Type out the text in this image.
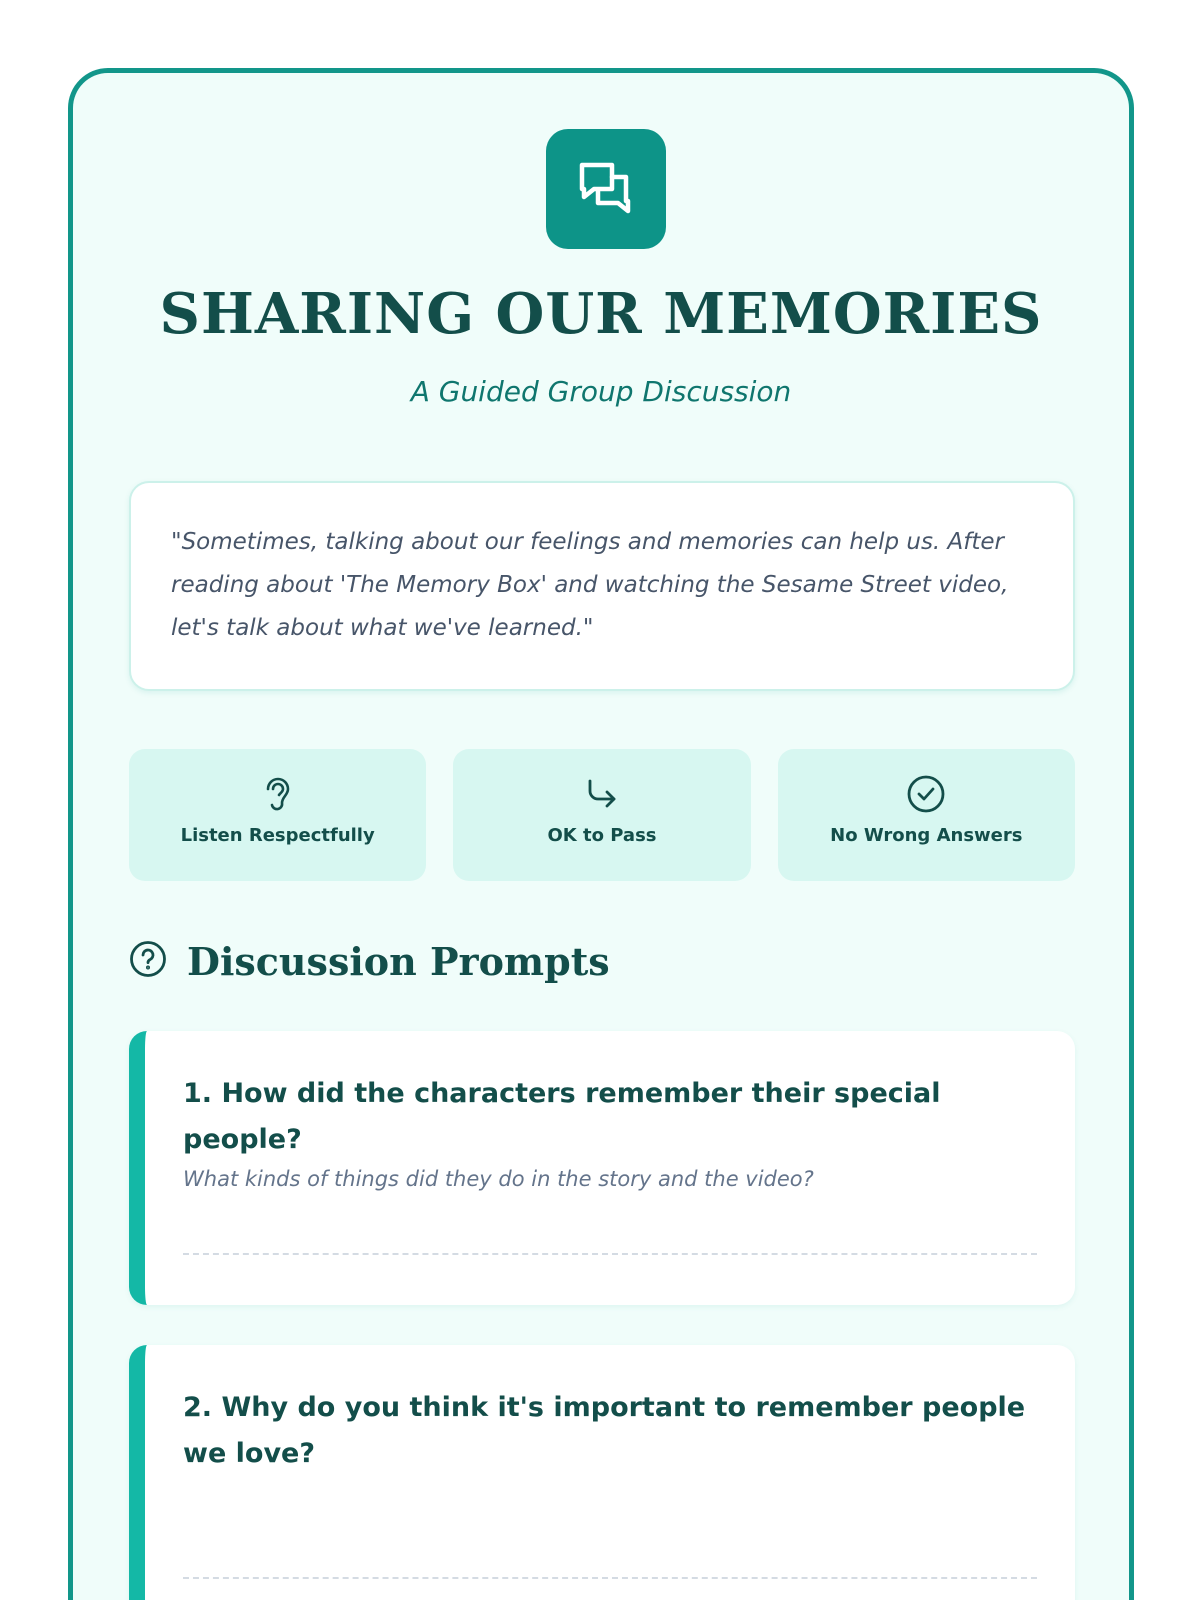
SHARING OUR MEMORIES

A Guided Group Discussion

"Sometimes, talking about our feelings and memories can help us. After reading about 'The Memory Box' and watching the Sesame Street video, let's talk about what we've learned."
Listen Respectfully	OK to Pass	No Wrong Answers
Discussion Prompts

1. How did the characters remember their special people?

What kinds of things did they do in the story and the video?

2. Why do you think it's important to remember people we love?
